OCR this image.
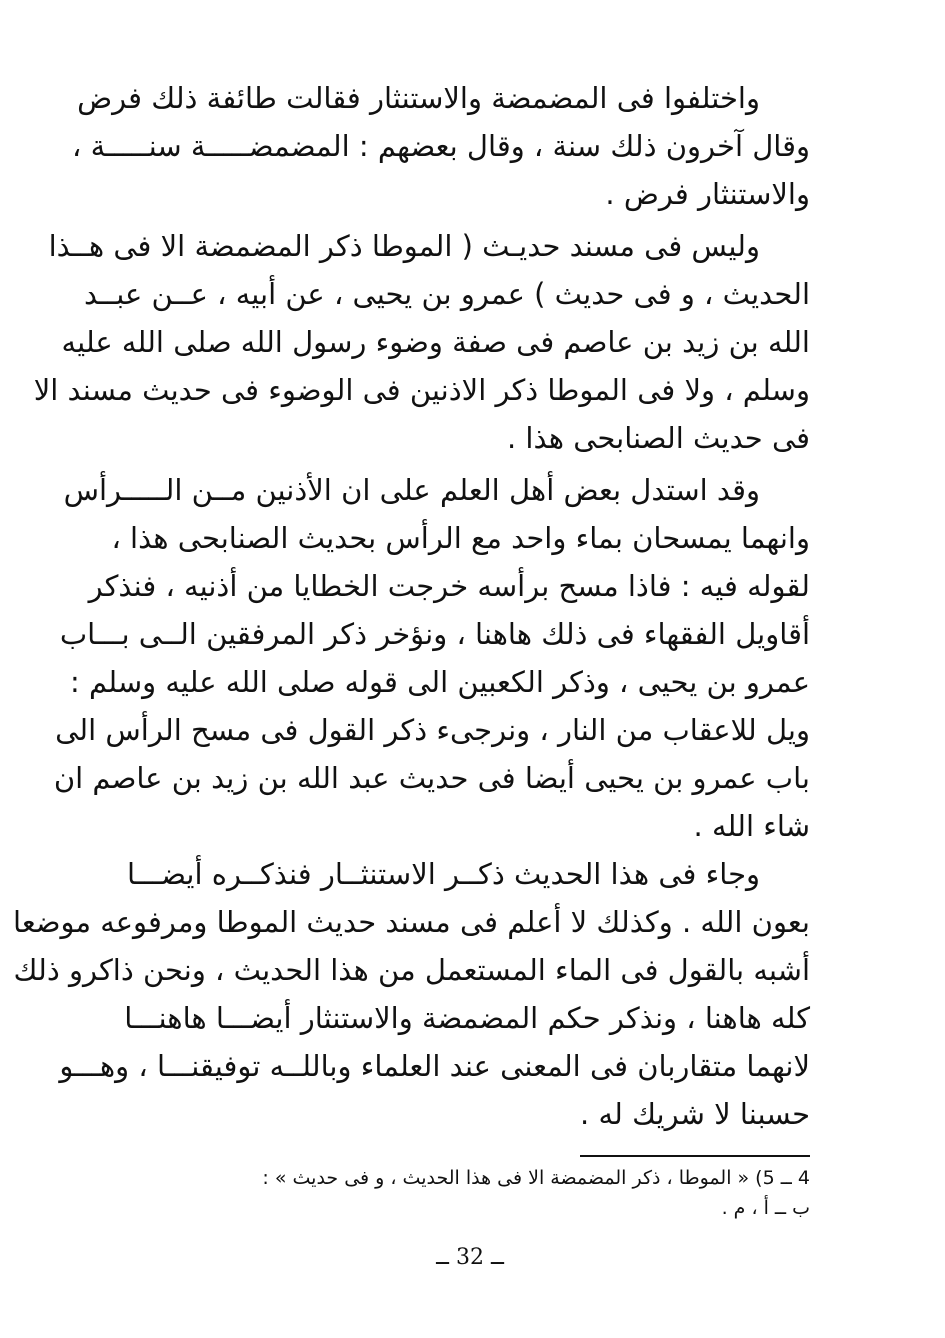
واختلفوا فى المضمضة والاستنثار فقالت طائفة ذلك فرض
وقال آخرون ذلك سنة ، وقال بعضهم : المضمضـــــة سنـــــة ،
والاستنثار فرض .
وليس فى مسند حديـث ( الموطا ذكر المضمضة الا فى هــذا
الحديث ، و فى حديث ) عمرو بن يحيى ، عن أبيه ، عــن عبــد
الله بن زيد بن عاصم فى صفة وضوء رسول الله صلى الله عليه
وسلم ، ولا فى الموطا ذكر الاذنين فى الوضوء فى حديث مسند الا
فى حديث الصنابحى هذا .
وقد استدل بعض أهل العلم على ان الأذنين مــن الـــــرأس
وانهما يمسحان بماء واحد مع الرأس بحديث الصنابحى هذا ،
لقوله فيه : فاذا مسح برأسه خرجت الخطايا من أذنيه ، فنذكر
أقاويل الفقهاء فى ذلك هاهنا ، ونؤخر ذكر المرفقين الــى بـــاب
عمرو بن يحيى ، وذكر الكعبين الى قوله صلى الله عليه وسلم :
ويل للاعقاب من النار ، ونرجىء ذكر القول فى مسح الرأس الى
باب عمرو بن يحيى أيضا فى حديث عبد الله بن زيد بن عاصم ان
شاء الله .
وجاء فى هذا الحديث ذكــر الاستنثــار فنذكــره أيضـــا
بعون الله . وكذلك لا أعلم فى مسند حديث الموطا ومرفوعه موضعا
أشبه بالقول فى الماء المستعمل من هذا الحديث ، ونحن ذاكرو ذلك
كله هاهنا ، ونذكر حكم المضمضة والاستنثار أيضـــا هاهنـــا
لانهما متقاربان فى المعنى عند العلماء وباللــه توفيقنـــا ، وهـــو
حسبنا لا شريك له .
4 ــ 5) « الموطا ، ذكر المضمضة الا فى هذا الحديث ، و فى حديث » :
ب ــ أ ، م .
ــ 32 ــ
